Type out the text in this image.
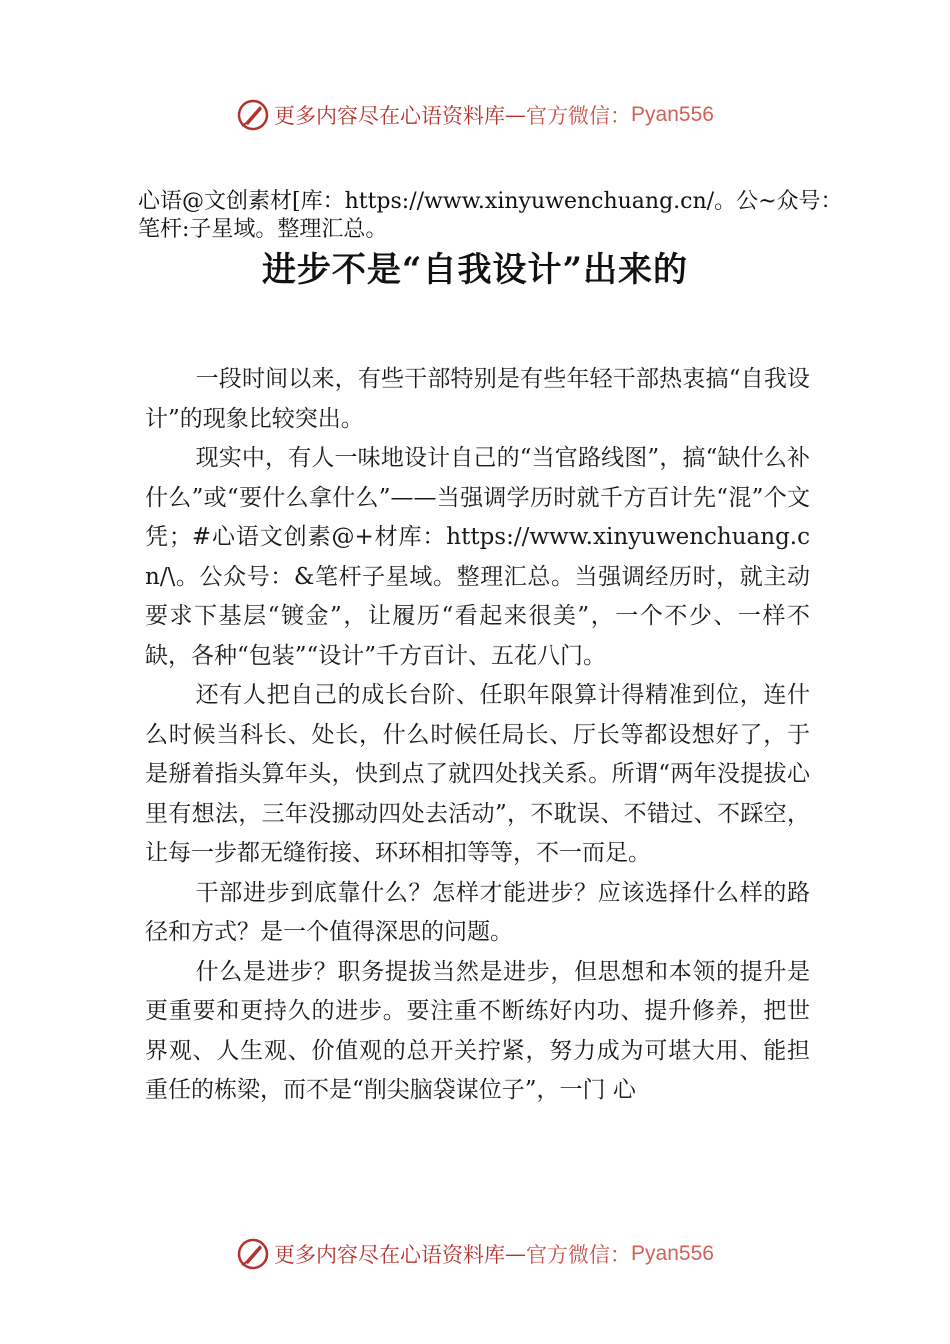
更多内容尽在心语资料库 — 官方微信： Pyan556
心语@文创素材[库：https://www.xinyuwenchuang.cn/。公~众号：笔杆:子星域。整理汇总。
进步不是“自我设计”出来的

一段时间以来，有些干部特别是有些年轻干部热衷搞“自我设计”的现象比较突出。

现实中，有人一味地设计自己的“当官路线图”，搞“缺什么补什么”或“要什么拿什么”——当强调学历时就千方百计先“混”个文凭；#心语文创素@+材库：https://www.xinyuwenchuang.cn/\。公众号：&笔杆子星域。整理汇总。当强调经历时，就主动要求下基层“镀金”，让履历“看起来很美”，一个不少、一样不缺，各种“包装”“设计”千方百计、五花八门。

还有人把自己的成长台阶、任职年限算计得精准到位，连什么时候当科长、处长，什么时候任局长、厅长等都设想好了，于是掰着指头算年头，快到点了就四处找关系。所谓“两年没提拔心里有想法，三年没挪动四处去活动”，不耽误、不错过、不踩空，让每一步都无缝衔接、环环相扣等等，不一而足。

干部进步到底靠什么？怎样才能进步？应该选择什么样的路径和方式？是一个值得深思的问题。

什么是进步？职务提拔当然是进步，但思想和本领的提升是更重要和更持久的进步。要注重不断练好内功、提升修养，把世界观、人生观、价值观的总开关拧紧，努力成为可堪大用、能担重任的栋梁，而不是“削尖脑袋谋位子”，一门 心

更多内容尽在心语资料库 — 官方微信： Pyan556
